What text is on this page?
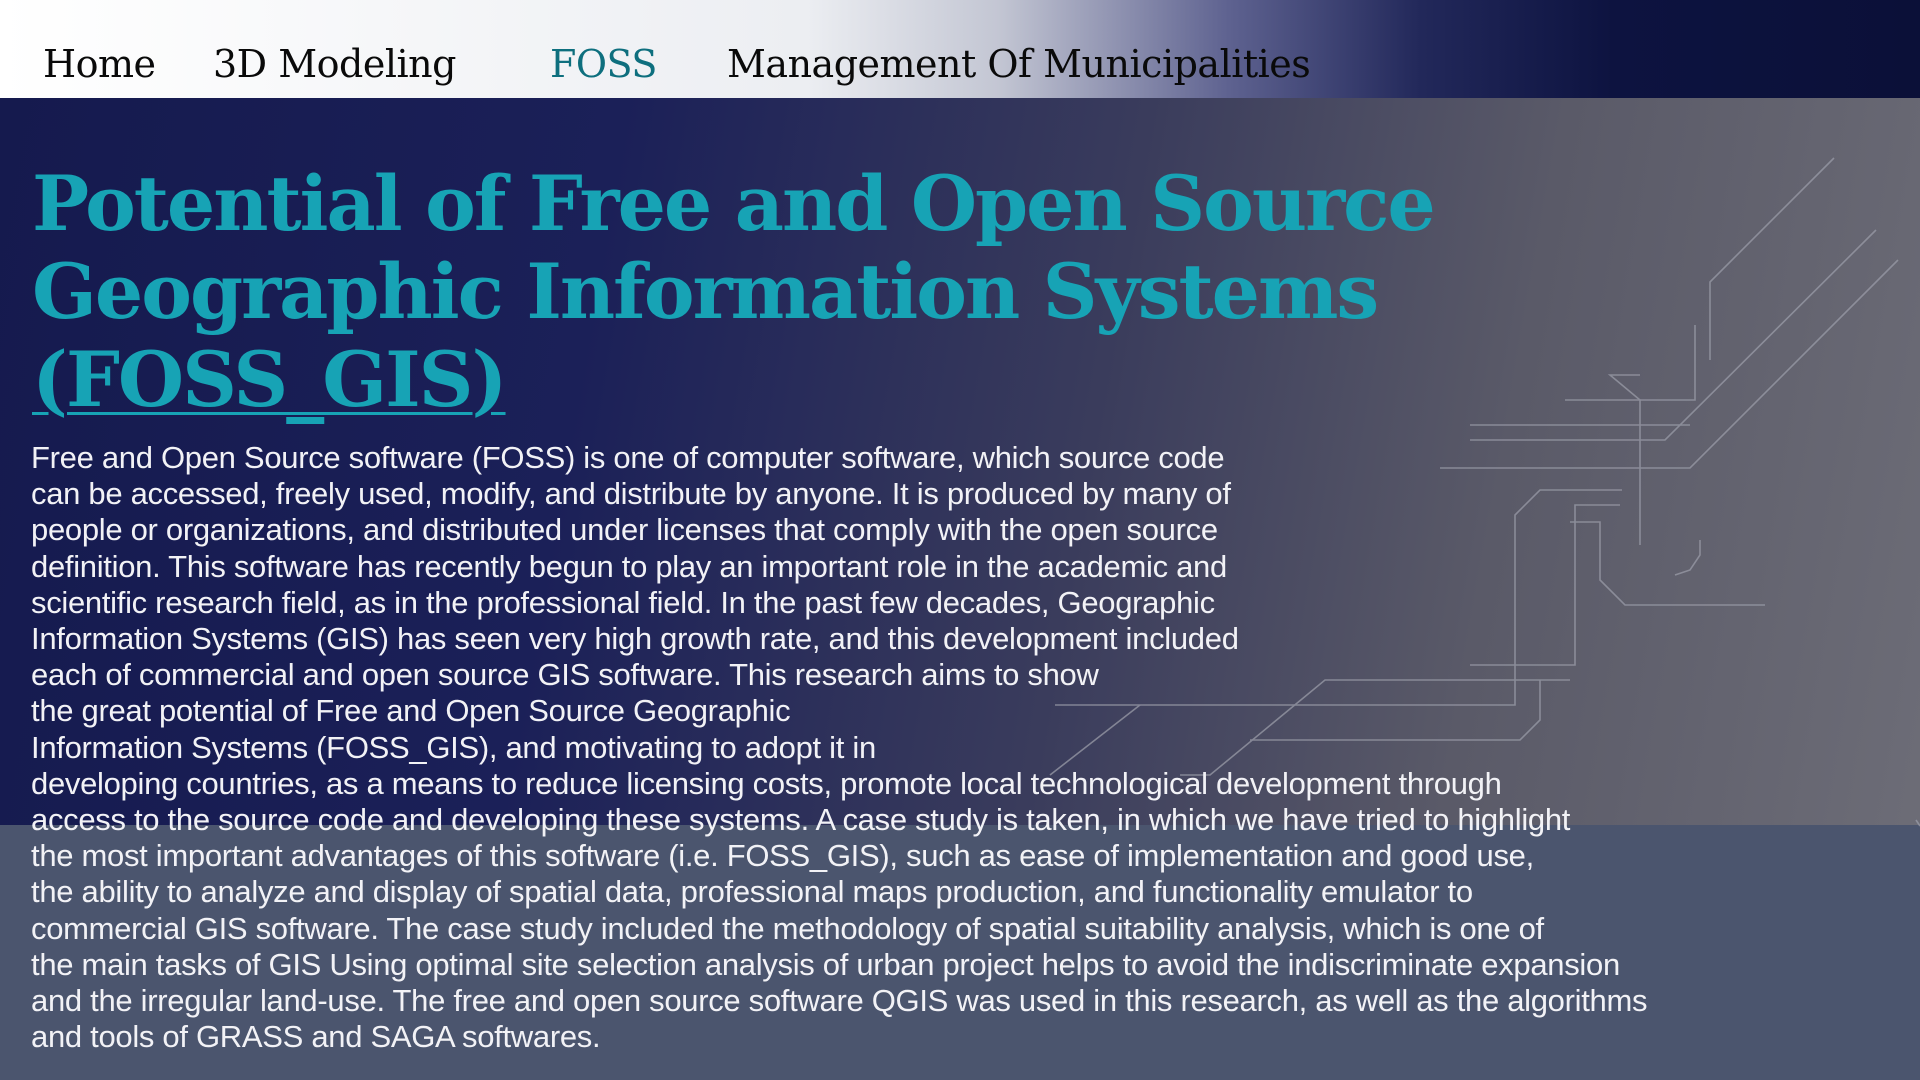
Home 3D Modeling FOSS Management Of Municipalities
Potential of Free and Open Source
Geographic Information Systems
(FOSS_GIS)
Free and Open Source software (FOSS) is one of computer software, which source code
can be accessed, freely used, modify, and distribute by anyone. It is produced by many of
people or organizations, and distributed under licenses that comply with the open source
definition. This software has recently begun to play an important role in the academic and
scientific research field, as in the professional field. In the past few decades, Geographic
Information Systems (GIS) has seen very high growth rate, and this development included
each of commercial and open source GIS software. This research aims to show
the great potential of Free and Open Source Geographic
Information Systems (FOSS_GIS), and motivating to adopt it in
developing countries, as a means to reduce licensing costs, promote local technological development through
access to the source code and developing these systems. A case study is taken, in which we have tried to highlight
the most important advantages of this software (i.e. FOSS_GIS), such as ease of implementation and good use,
the ability to analyze and display of spatial data, professional maps production, and functionality emulator to
commercial GIS software. The case study included the methodology of spatial suitability analysis, which is one of
the main tasks of GIS Using optimal site selection analysis of urban project helps to avoid the indiscriminate expansion
and the irregular land-use. The free and open source software QGIS was used in this research, as well as the algorithms
and tools of GRASS and SAGA softwares.
